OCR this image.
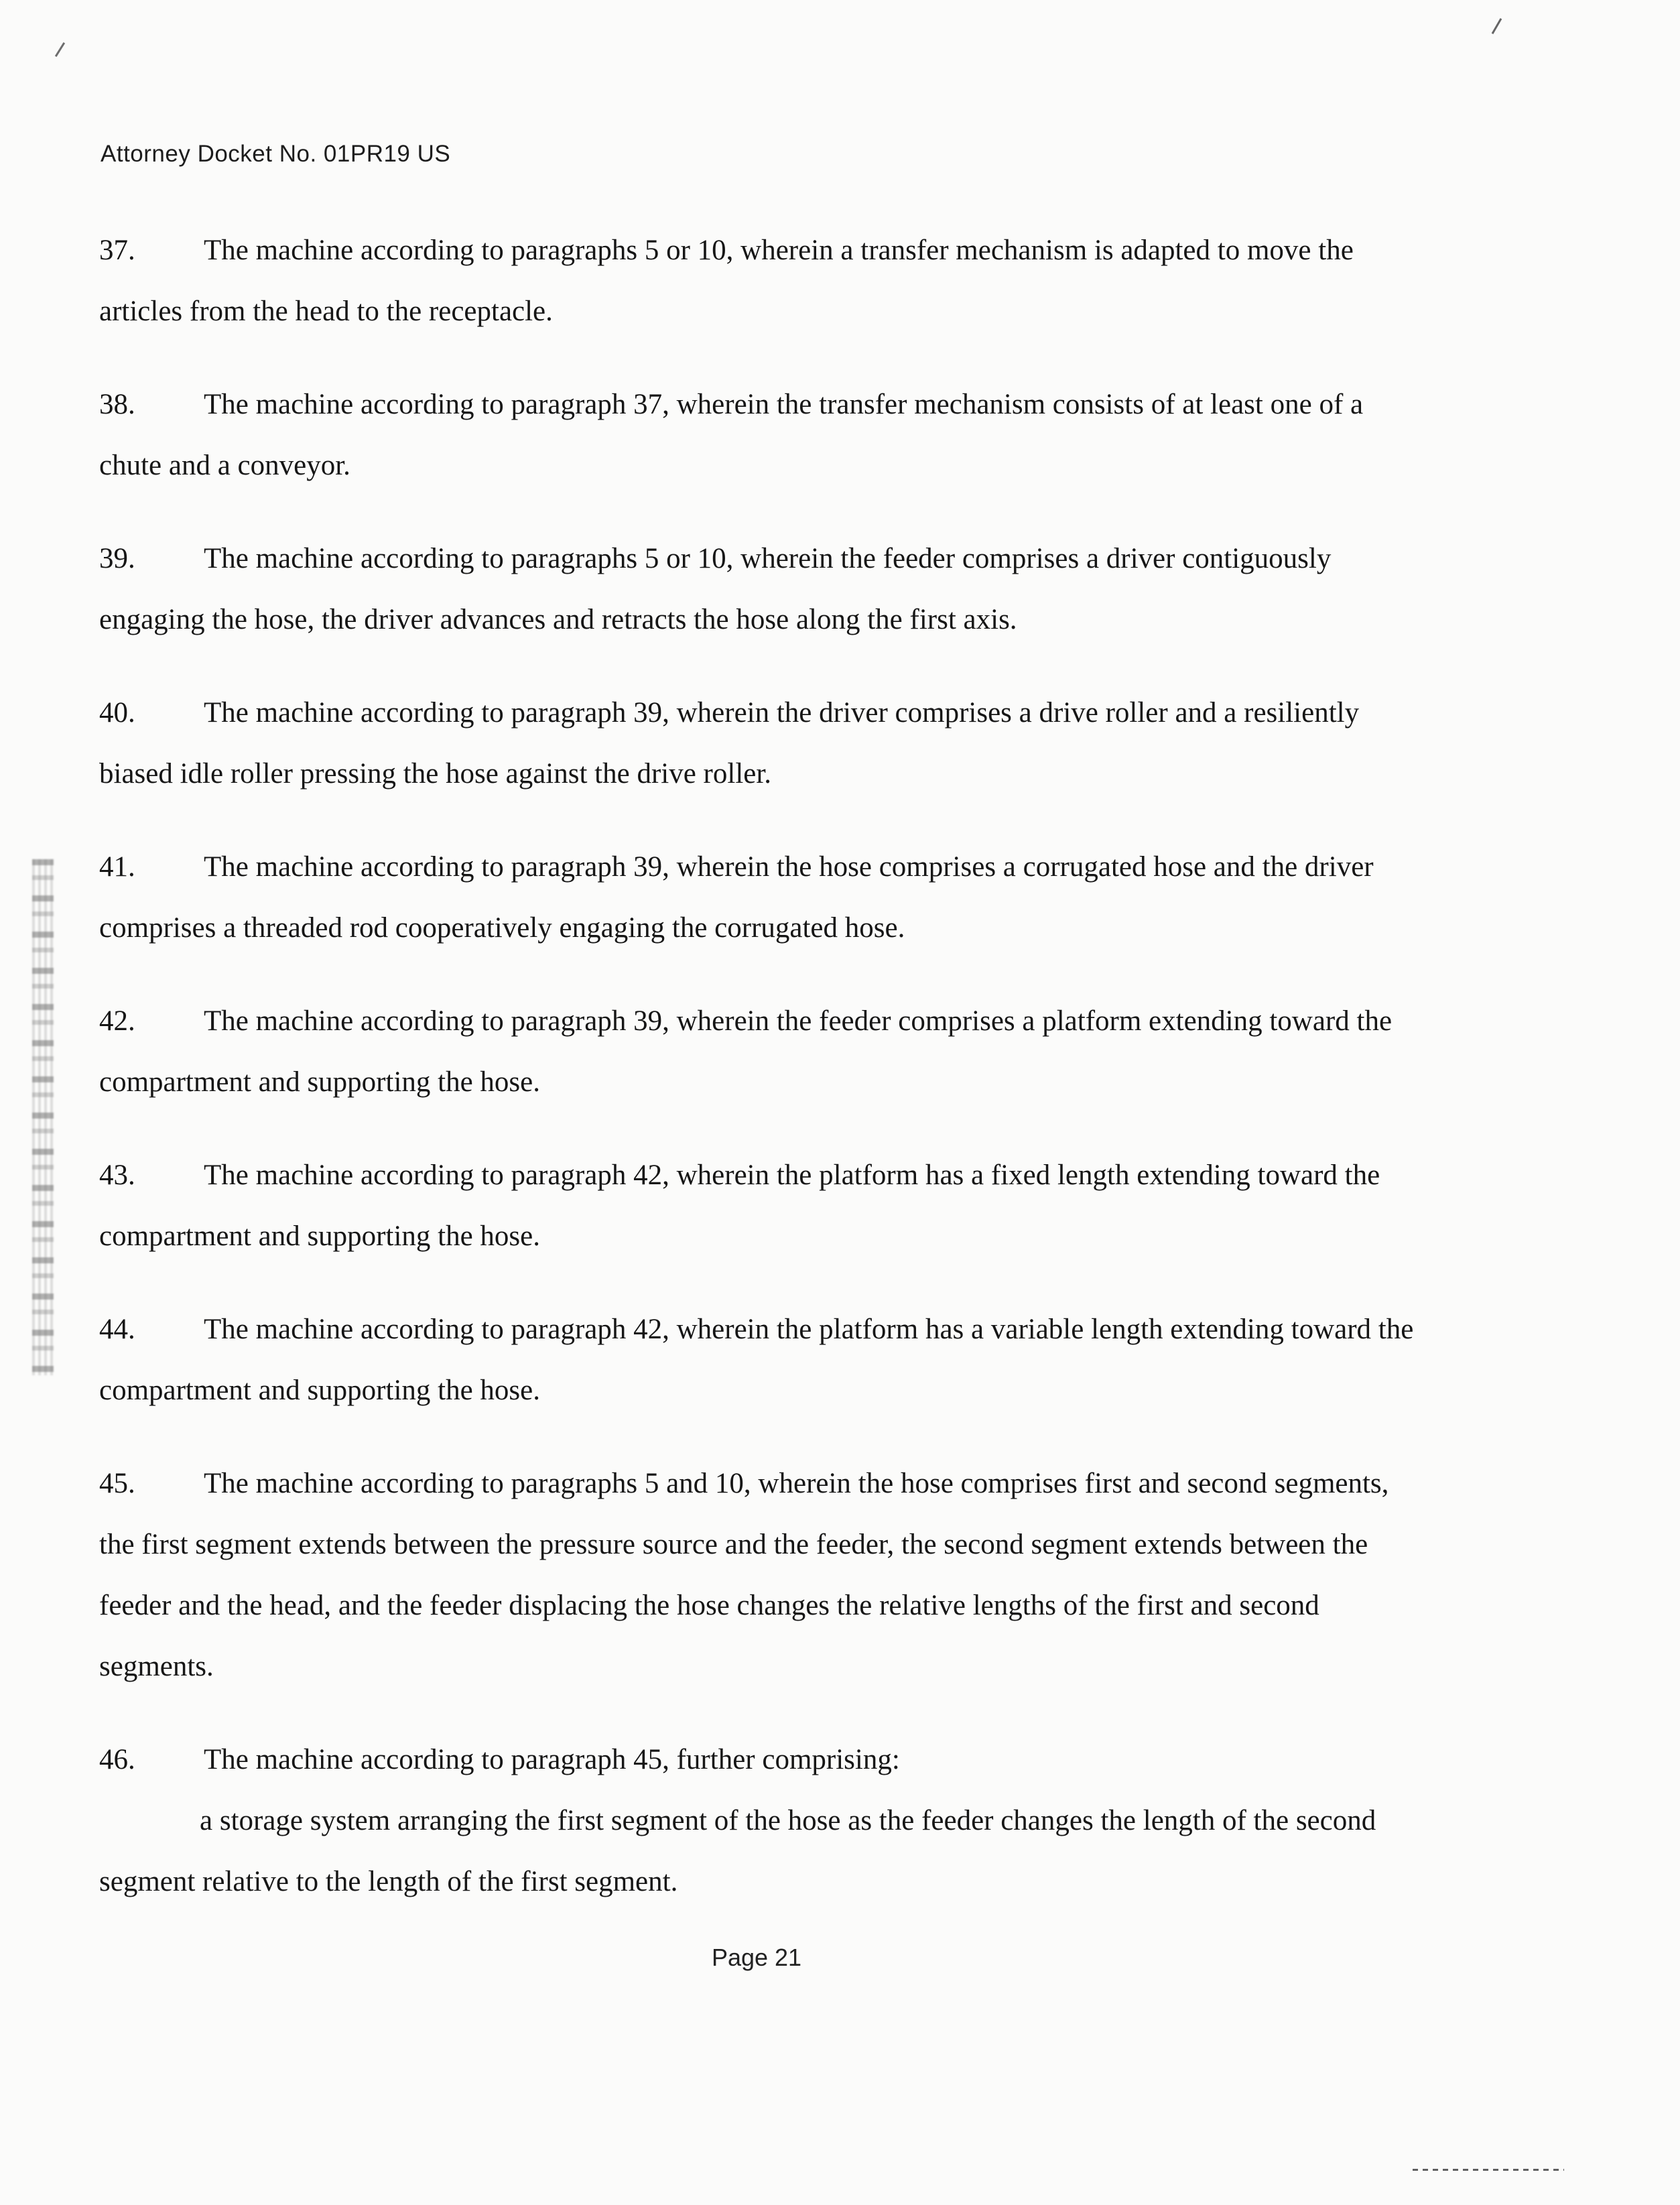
Attorney Docket No. 01PR19 US

37. The machine according to paragraphs 5 or 10, wherein a transfer mechanism is adapted to move the articles from the head to the receptacle.

38. The machine according to paragraph 37, wherein the transfer mechanism consists of at least one of a chute and a conveyor.

39. The machine according to paragraphs 5 or 10, wherein the feeder comprises a driver contiguously engaging the hose, the driver advances and retracts the hose along the first axis.

40. The machine according to paragraph 39, wherein the driver comprises a drive roller and a resiliently biased idle roller pressing the hose against the drive roller.

41. The machine according to paragraph 39, wherein the hose comprises a corrugated hose and the driver comprises a threaded rod cooperatively engaging the corrugated hose.

42. The machine according to paragraph 39, wherein the feeder comprises a platform extending toward the compartment and supporting the hose.

43. The machine according to paragraph 42, wherein the platform has a fixed length extending toward the compartment and supporting the hose.

44. The machine according to paragraph 42, wherein the platform has a variable length extending toward the compartment and supporting the hose.

45. The machine according to paragraphs 5 and 10, wherein the hose comprises first and second segments, the first segment extends between the pressure source and the feeder, the second segment extends between the feeder and the head, and the feeder displacing the hose changes the relative lengths of the first and second segments.

46. The machine according to paragraph 45, further comprising:

a storage system arranging the first segment of the hose as the feeder changes the length of the second segment relative to the length of the first segment.

Page 21
